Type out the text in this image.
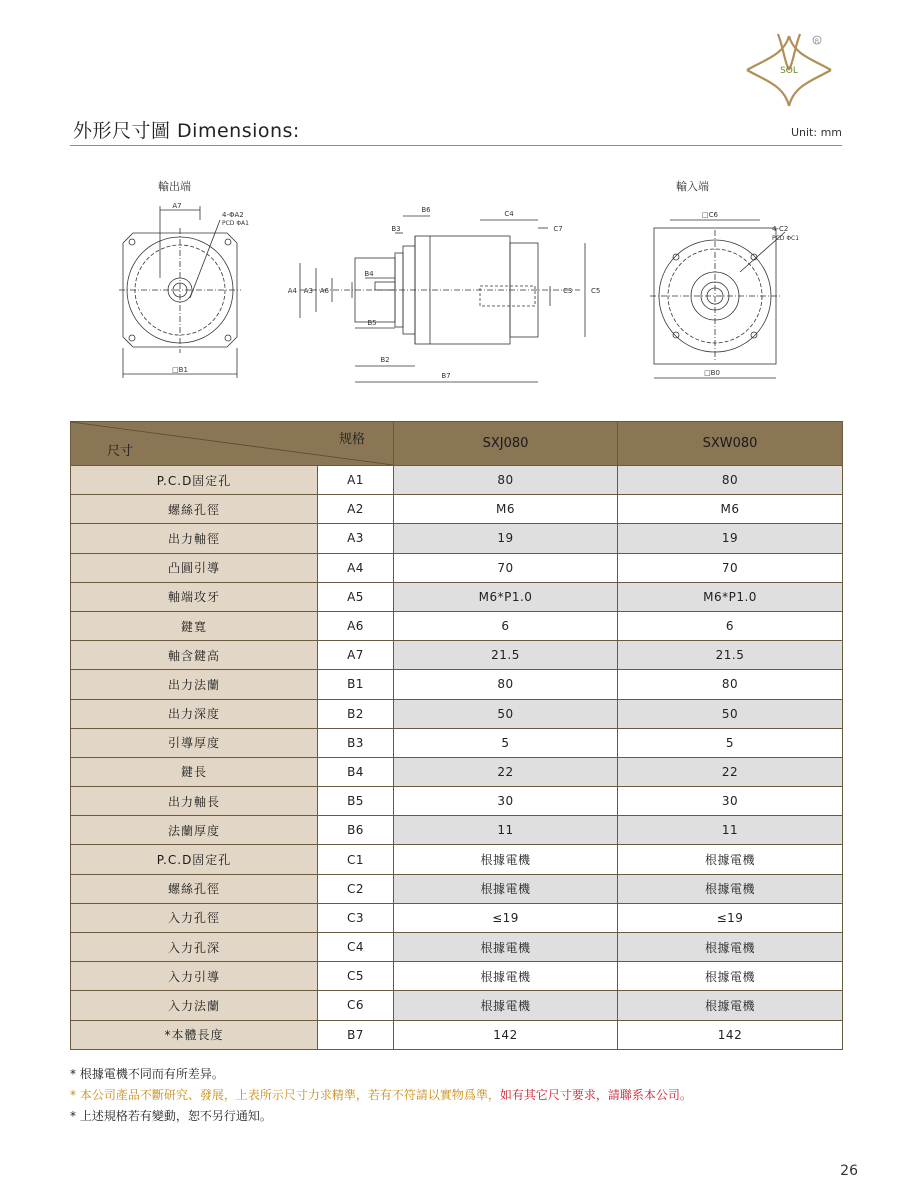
SOL
R
外形尺寸圖 Dimensions:	Unit: mm
輸出端	輸入端
A7
4-ΦA2
PCD ΦA1
□B1
B6
B3
C4
C7
B4
A4 A3 A6
B5
B2
B7
C3	C5
□C6
4-C2
PCD ΦC1
□B0
规格
尺寸		SXJ080	SXW080
P.C.D固定孔	A1	80	80
螺絲孔徑	A2	M6	M6
出力軸徑	A3	19	19
凸圓引導	A4	70	70
軸端攻牙	A5	M6*P1.0	M6*P1.0
鍵寬	A6	6	6
軸含鍵高	A7	21.5	21.5
出力法蘭	B1	80	80
出力深度	B2	50	50
引導厚度	B3	5	5
鍵長	B4	22	22
出力軸長	B5	30	30
法蘭厚度	B6	11	11
P.C.D固定孔	C1	根據電機	根據電機
螺絲孔徑	C2	根據電機	根據電機
入力孔徑	C3	≤19	≤19
入力孔深	C4	根據電機	根據電機
入力引導	C5	根據電機	根據電機
入力法蘭	C6	根據電機	根據電機
*本體長度	B7	142	142
* 根據電機不同而有所差异。
* 本公司產品不斷研究、發展，上表所示尺寸力求精準，若有不符請以實物爲準，如有其它尺寸要求，請聯系本公司。
* 上述規格若有變動，恕不另行通知。
26
